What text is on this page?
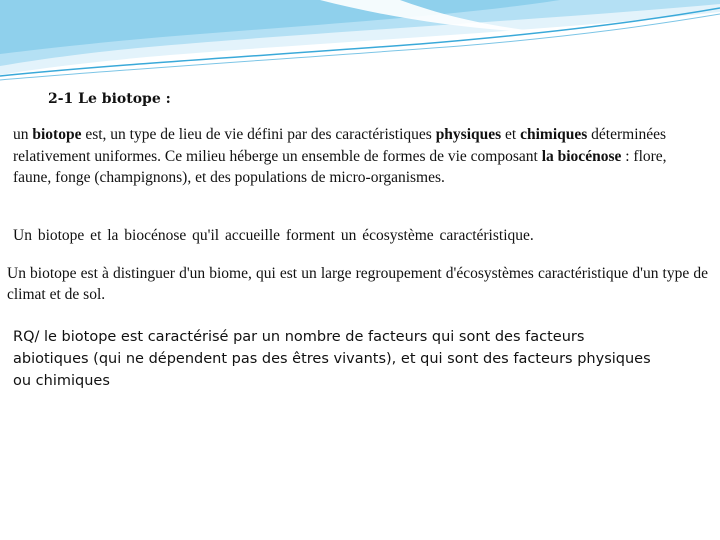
2-1 Le biotope :

un biotope est, un type de lieu de vie défini par des caractéristiques physiques et chimiques déterminées relativement uniformes. Ce milieu héberge un ensemble de formes de vie composant la biocénose : flore, faune, fonge (champignons), et des populations de micro-organismes.

Un biotope et la biocénose qu'il accueille forment un écosystème caractéristique.

Un biotope est à distinguer d'un biome, qui est un large regroupement d'écosystèmes caractéristique d'un type de climat et de sol.

RQ/ le biotope est caractérisé par un nombre de facteurs qui sont des facteurs abiotiques (qui ne dépendent pas des êtres vivants), et qui sont des facteurs physiques ou chimiques
